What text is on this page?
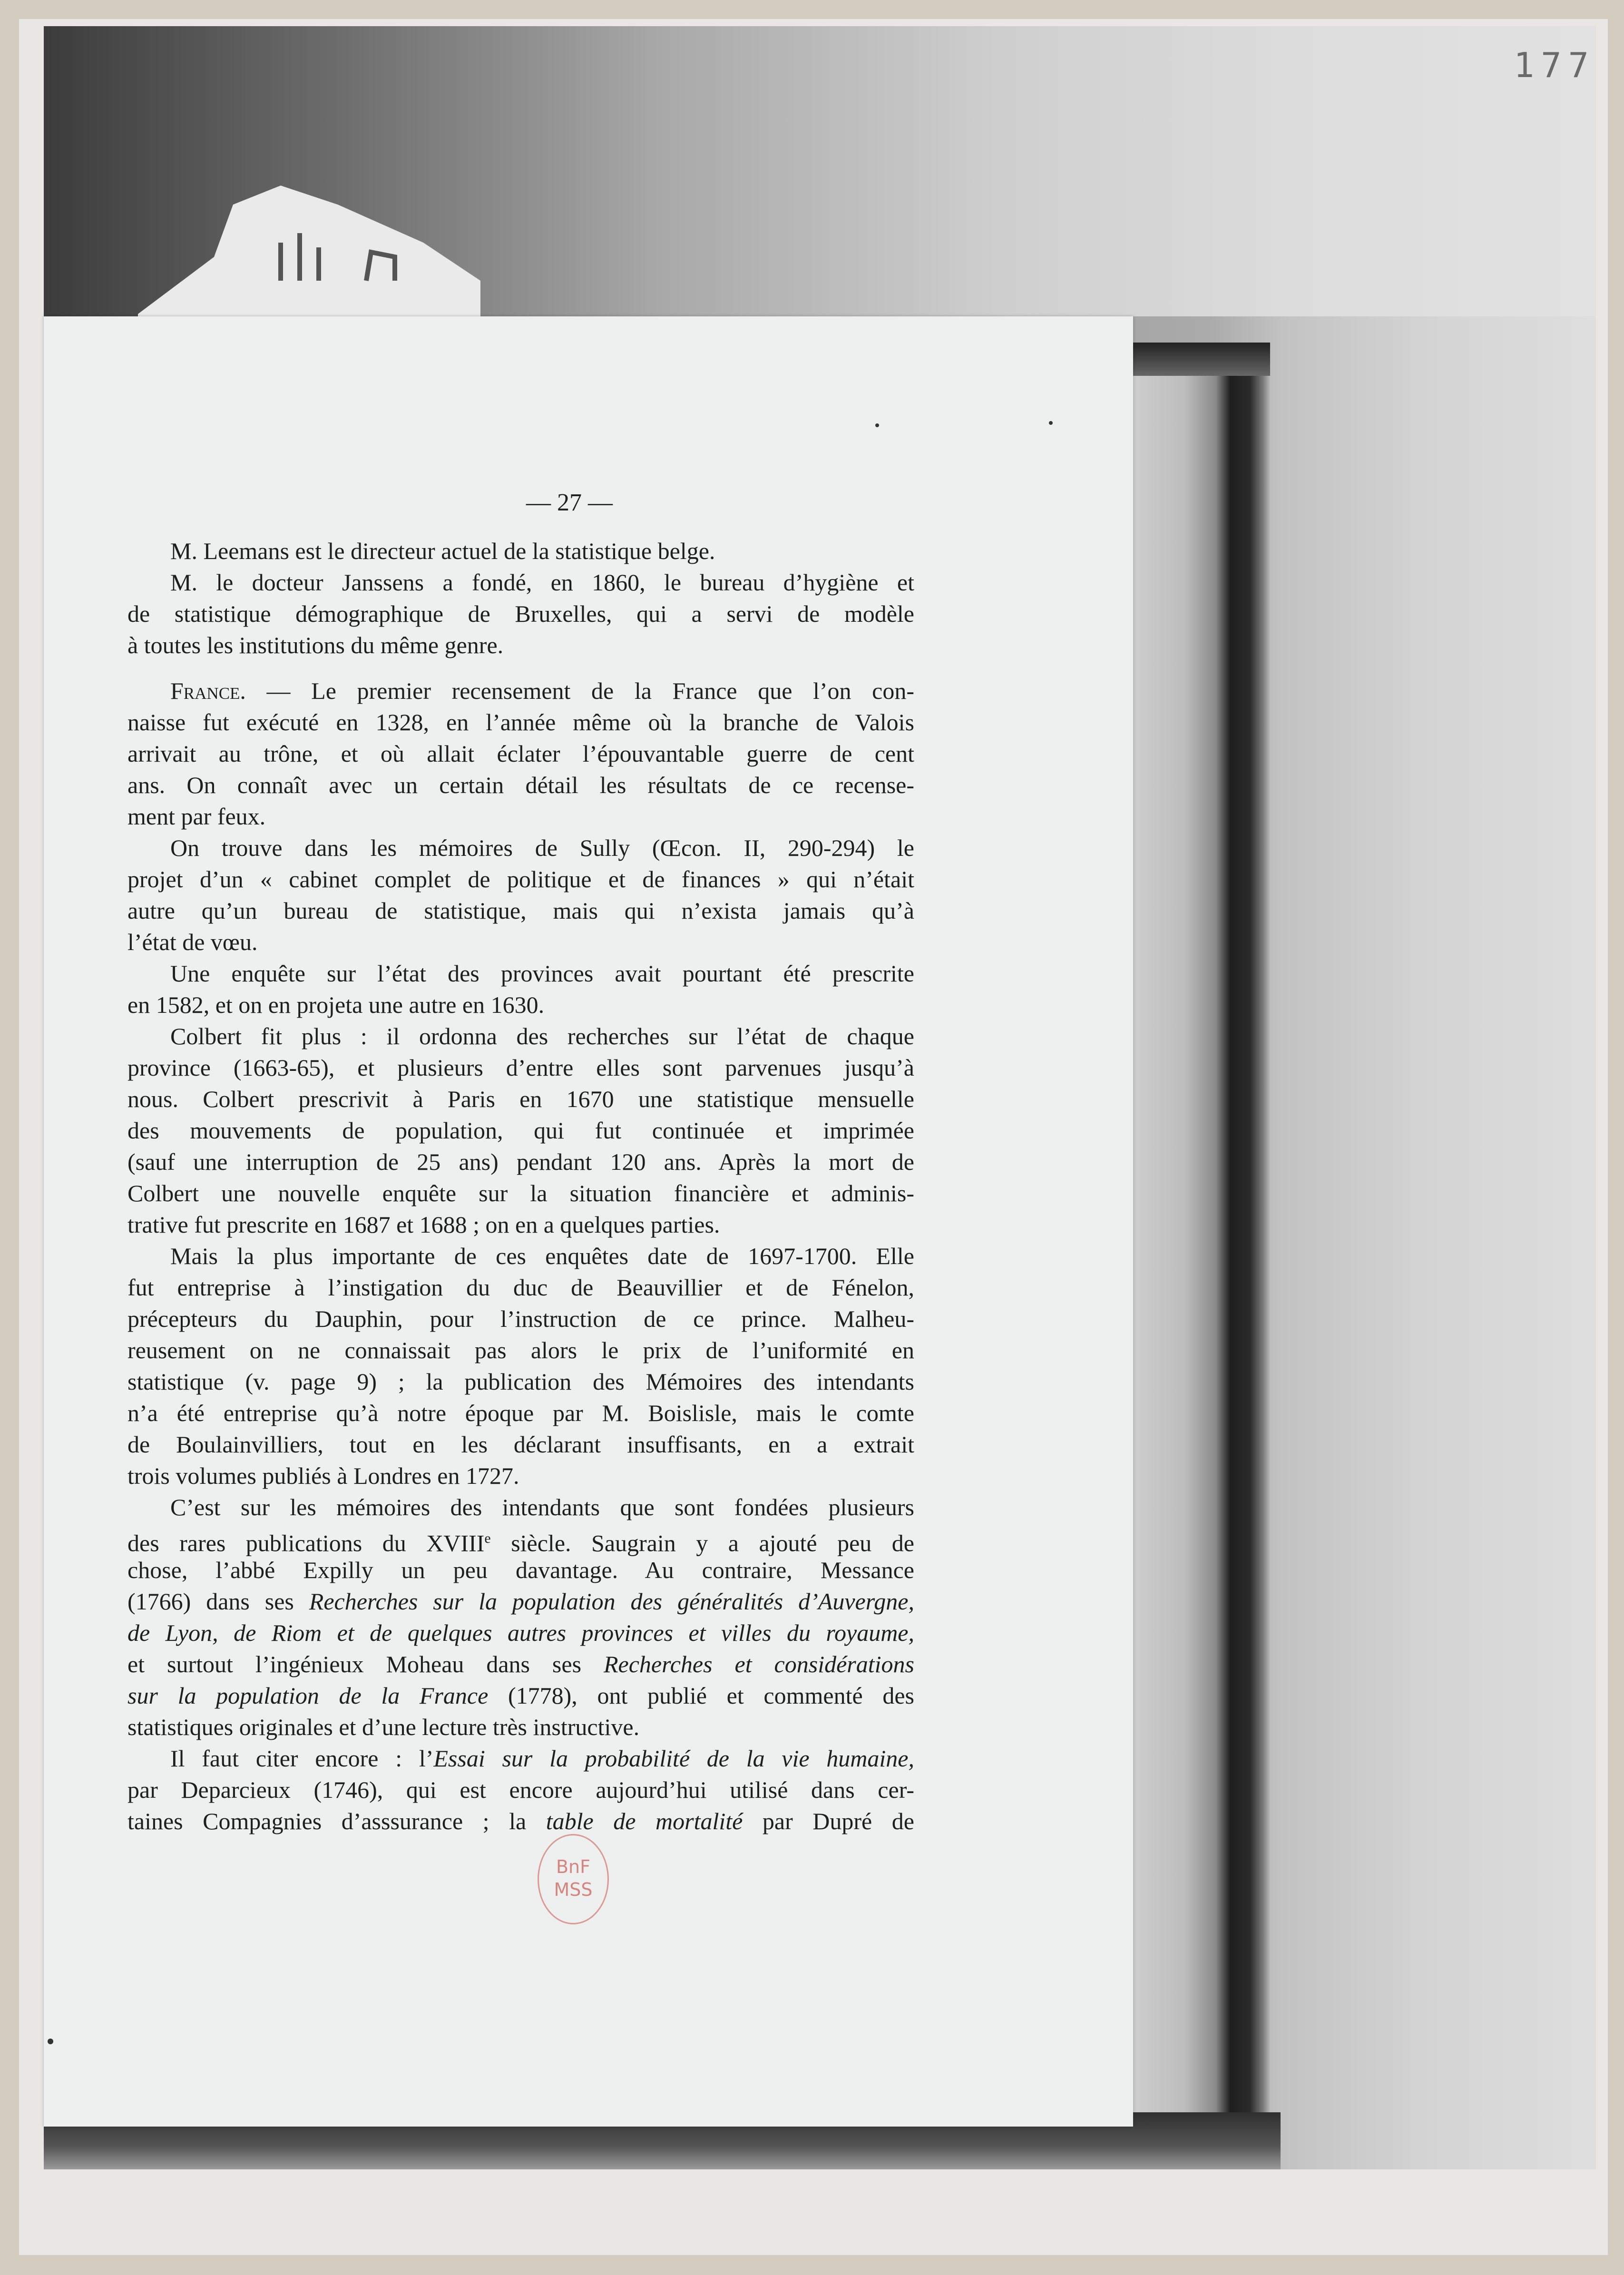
177
— 27 —
M. Leemans est le directeur actuel de la statistique belge.
M. le docteur Janssens a fondé, en 1860, le bureau d’hygiène et
de statistique démographique de Bruxelles, qui a servi de modèle
à toutes les institutions du même genre.
France. — Le premier recensement de la France que l’on con-
naisse fut exécuté en 1328, en l’année même où la branche de Valois
arrivait au trône, et où allait éclater l’épouvantable guerre de cent
ans. On connaît avec un certain détail les résultats de ce recense-
ment par feux.
On trouve dans les mémoires de Sully (Œcon. II, 290-294) le
projet d’un « cabinet complet de politique et de finances » qui n’était
autre qu’un bureau de statistique, mais qui n’exista jamais qu’à
l’état de vœu.
Une enquête sur l’état des provinces avait pourtant été prescrite
en 1582, et on en projeta une autre en 1630.
Colbert fit plus : il ordonna des recherches sur l’état de chaque
province (1663-65), et plusieurs d’entre elles sont parvenues jusqu’à
nous. Colbert prescrivit à Paris en 1670 une statistique mensuelle
des mouvements de population, qui fut continuée et imprimée
(sauf une interruption de 25 ans) pendant 120 ans. Après la mort de
Colbert une nouvelle enquête sur la situation financière et adminis-
trative fut prescrite en 1687 et 1688 ; on en a quelques parties.
Mais la plus importante de ces enquêtes date de 1697-1700. Elle
fut entreprise à l’instigation du duc de Beauvillier et de Fénelon,
précepteurs du Dauphin, pour l’instruction de ce prince. Malheu-
reusement on ne connaissait pas alors le prix de l’uniformité en
statistique (v. page 9) ; la publication des Mémoires des intendants
n’a été entreprise qu’à notre époque par M. Boislisle, mais le comte
de Boulainvilliers, tout en les déclarant insuffisants, en a extrait
trois volumes publiés à Londres en 1727.
C’est sur les mémoires des intendants que sont fondées plusieurs
des rares publications du XVIIIe siècle. Saugrain y a ajouté peu de
chose, l’abbé Expilly un peu davantage. Au contraire, Messance
(1766) dans ses Recherches sur la population des généralités d’Auvergne,
de Lyon, de Riom et de quelques autres provinces et villes du royaume,
et surtout l’ingénieux Moheau dans ses Recherches et considérations
sur la population de la France (1778), ont publié et commenté des
statistiques originales et d’une lecture très instructive.
Il faut citer encore : l’Essai sur la probabilité de la vie humaine,
par Deparcieux (1746), qui est encore aujourd’hui utilisé dans cer-
taines Compagnies d’asssurance ; la table de mortalité par Dupré de
BnF
MSS
